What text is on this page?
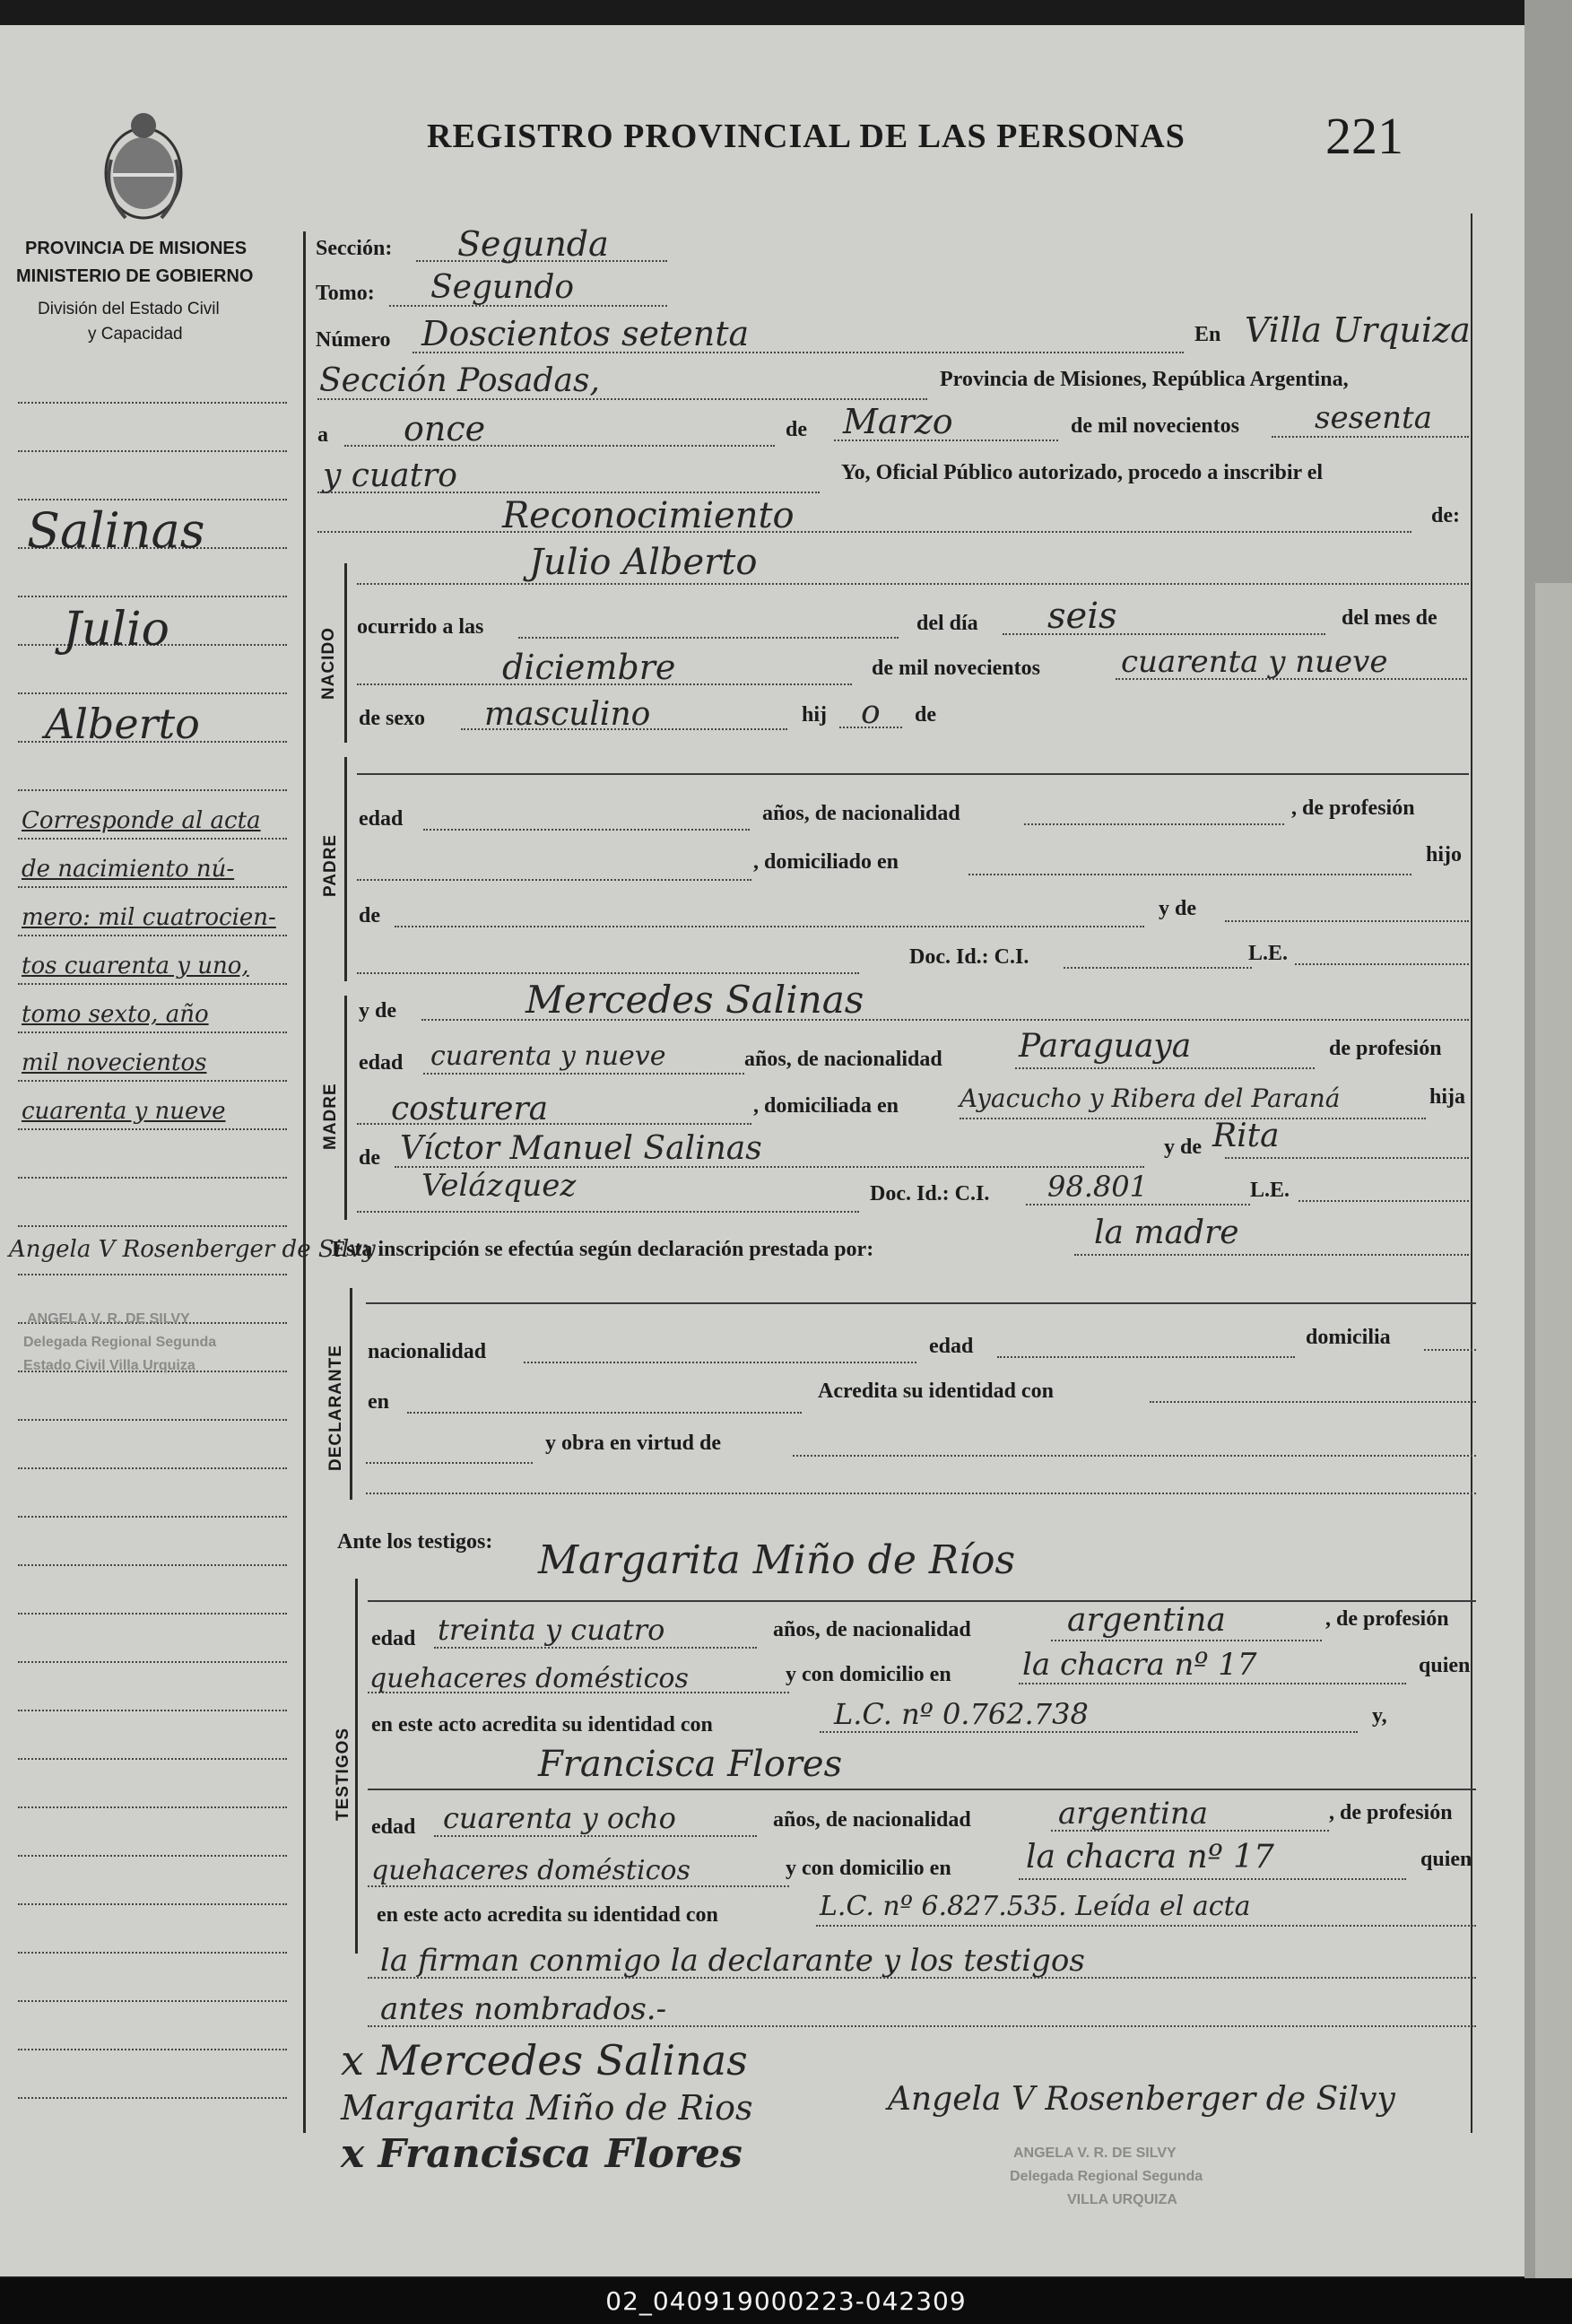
REGISTRO PROVINCIAL DE LAS PERSONAS	221
PROVINCIA DE MISIONES
MINISTERIO DE GOBIERNO
División del Estado Civil
y Capacidad
Salinas
Julio
Alberto
Corresponde al acta
de nacimiento nú-
mero: mil cuatrocien-
tos cuarenta y uno,
tomo sexto, año
mil novecientos
cuarenta y nueve
Angela V Rosenberger de Silvy
ANGELA V. R. DE SILVY
Delegada Regional Segunda
Estado Civil Villa Urquiza
Sección: Segunda
Tomo: Segundo
Número Doscientos setenta	En Villa Urquiza
Sección Posadas,	Provincia de Misiones, República Argentina,
a once	de Marzo	de mil novecientos sesenta
y cuatro	Yo, Oficial Público autorizado, procedo a inscribir el
Reconocimiento	de:
NACIDO
Julio Alberto
ocurrido a las	del día seis	del mes de
diciembre	de mil novecientos	cuarenta y nueve
de sexo masculino	hij o de
PADRE
edad	años, de nacionalidad	, de profesión
, domiciliado en	hijo
de	y de
Doc. Id.: C.I.	L.E.
MADRE
y de	Mercedes Salinas
edad cuarenta y nueve	años, de nacionalidad Paraguaya	de profesión
costurera	, domiciliada en Ayacucho y Ribera del Paraná	hija
de Víctor Manuel Salinas	y de Rita
Velázquez	Doc. Id.: C.I. 98.801	L.E.
Esta inscripción se efectúa según declaración prestada por:	la madre
DECLARANTE nacionalidad	edad	domicilia
en	Acredita su identidad con
y obra en virtud de
Ante los testigos:
TESTIGOS
Margarita Miño de Ríos
edad treinta y cuatro	años, de nacionalidad	argentina	, de profesión
quehaceres domésticos	y con domicilio en la chacra nº 17	quien
en este acto acredita su identidad con	L.C. nº 0.762.738	y,
Francisca Flores
edad cuarenta y ocho	años, de nacionalidad	argentina	, de profesión
quehaceres domésticos	y con domicilio en la chacra nº 17	quien
en este acto acredita su identidad con	L.C. nº 6.827.535. Leída el acta
la firman conmigo la declarante y los testigos
antes nombrados.-
x Mercedes Salinas
Margarita Miño de Rios	Angela V Rosenberger de Silvy
x Francisca Flores	ANGELA V. R. DE SILVY
Delegada Regional Segunda
VILLA URQUIZA
02_040919000223-042309
